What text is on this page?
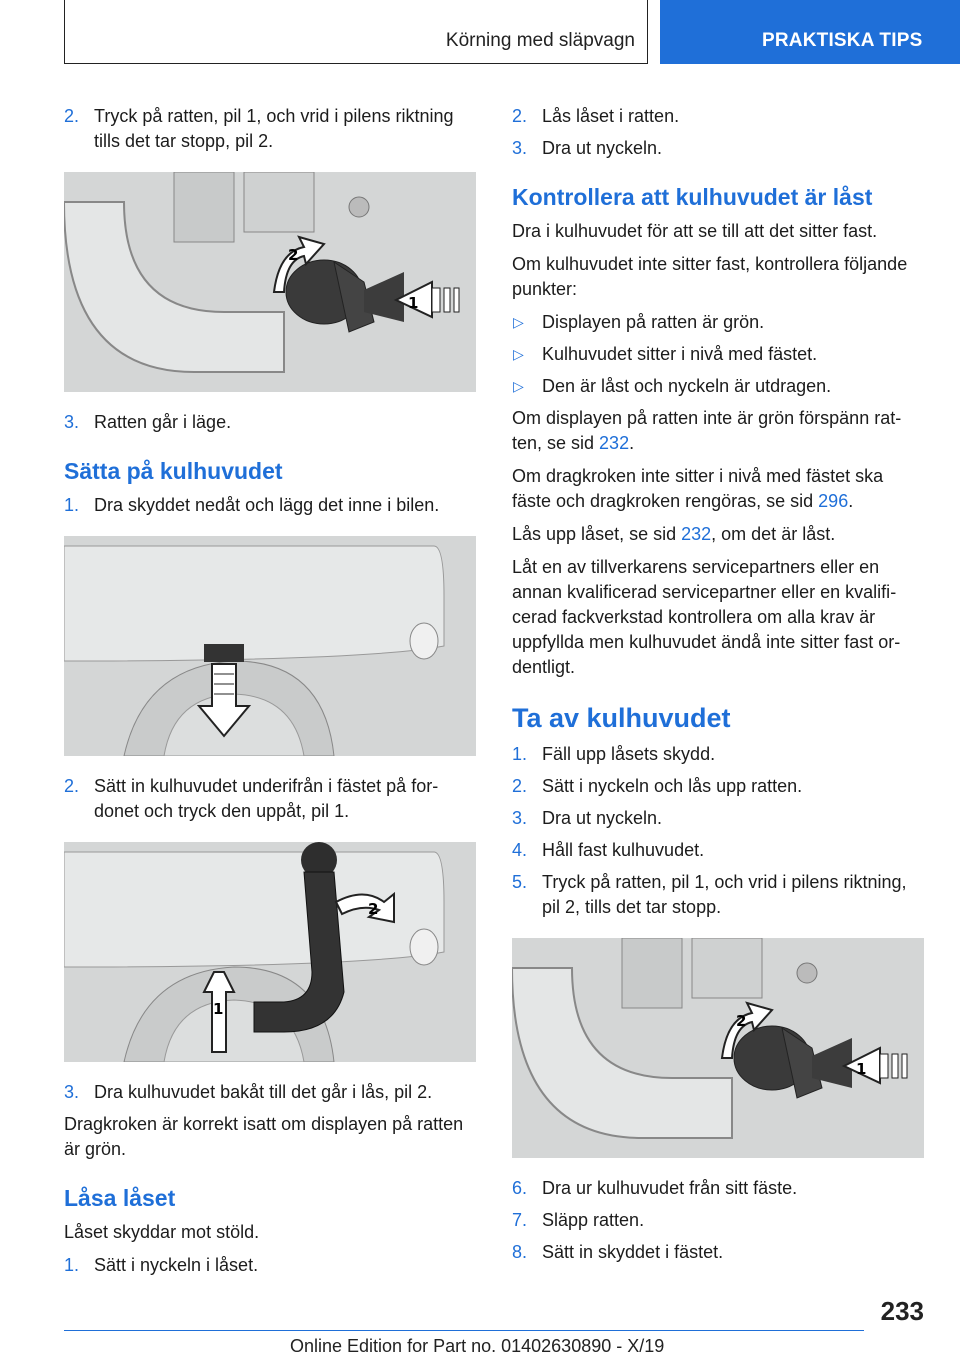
Körning med släpvagn	PRAKTISKA TIPS
2. Tryck på ratten, pil 1, och vrid i pilens riktning tills det tar stopp, pil 2.
2
1
3. Ratten går i läge.
Sätta på kulhuvudet
1. Dra skyddet nedåt och lägg det inne i bilen.
2. Sätt in kulhuvudet underifrån i fästet på fordonet och tryck den uppåt, pil 1.
2
1
3. Dra kulhuvudet bakåt till det går i lås, pil 2.

Dragkroken är korrekt isatt om displayen på ratten är grön.

Låsa låset

Låset skyddar mot stöld.

1. Sätt i nyckeln i låset.
2. Lås låset i ratten.
3. Dra ut nyckeln.
Kontrollera att kulhuvudet är låst

Dra i kulhuvudet för att se till att det sitter fast.

Om kulhuvudet inte sitter fast, kontrollera följande punkter:

▷ Displayen på ratten är grön.
▷ Kulhuvudet sitter i nivå med fästet.
▷ Den är låst och nyckeln är utdragen.

Om displayen på ratten inte är grön förspänn ratten, se sid 232.

Om dragkroken inte sitter i nivå med fästet ska fäste och dragkroken rengöras, se sid 296.

Lås upp låset, se sid 232, om det är låst.

Låt en av tillverkarens servicepartners eller en annan kvalificerad servicepartner eller en kvalificerad fackverkstad kontrollera om alla krav är uppfyllda men kulhuvudet ändå inte sitter fast ordentligt.

Ta av kulhuvudet
1. Fäll upp låsets skydd.
2. Sätt i nyckeln och lås upp ratten.
3. Dra ut nyckeln.
4. Håll fast kulhuvudet.
5. Tryck på ratten, pil 1, och vrid i pilens riktning, pil 2, tills det tar stopp.
2
1
6. Dra ur kulhuvudet från sitt fäste.
7. Släpp ratten.
8. Sätt in skyddet i fästet.
233
Online Edition for Part no. 01402630890 - X/19
